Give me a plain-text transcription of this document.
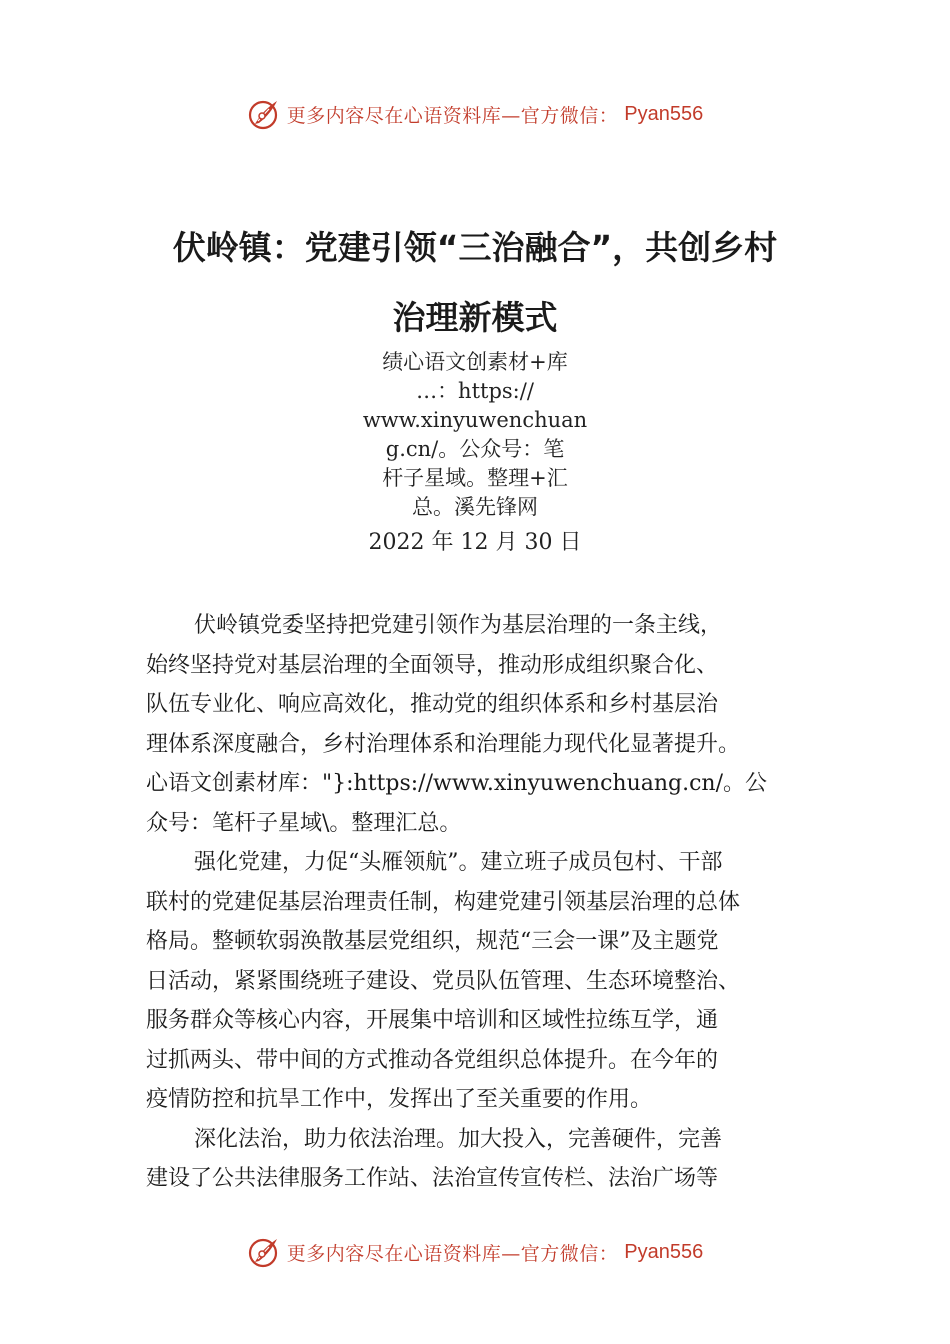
更多内容尽在心语资料库—官方微信： Pyan556
伏岭镇：党建引领“三治融合”，共创乡村
治理新模式
绩心语文创素材+库
…：https://
www.xinyuwenchuan
g.cn/。公众号：笔
杆子星域。整理+汇
总。溪先锋网
2022 年 12 月 30 日
伏岭镇党委坚持把党建引领作为基层治理的一条主线，
始终坚持党对基层治理的全面领导，推动形成组织聚合化、
队伍专业化、响应高效化，推动党的组织体系和乡村基层治
理体系深度融合，乡村治理体系和治理能力现代化显著提升。
心语文创素材库："}:https://www.xinyuwenchuang.cn/。公
众号：笔杆子星域\。整理汇总。
强化党建，力促“头雁领航”。建立班子成员包村、干部
联村的党建促基层治理责任制，构建党建引领基层治理的总体
格局。整顿软弱涣散基层党组织，规范“三会一课”及主题党
日活动，紧紧围绕班子建设、党员队伍管理、生态环境整治、
服务群众等核心内容，开展集中培训和区域性拉练互学，通
过抓两头、带中间的方式推动各党组织总体提升。在今年的
疫情防控和抗旱工作中，发挥出了至关重要的作用。
深化法治，助力依法治理。加大投入，完善硬件，完善
建设了公共法律服务工作站、法治宣传宣传栏、法治广场等
更多内容尽在心语资料库—官方微信： Pyan556
